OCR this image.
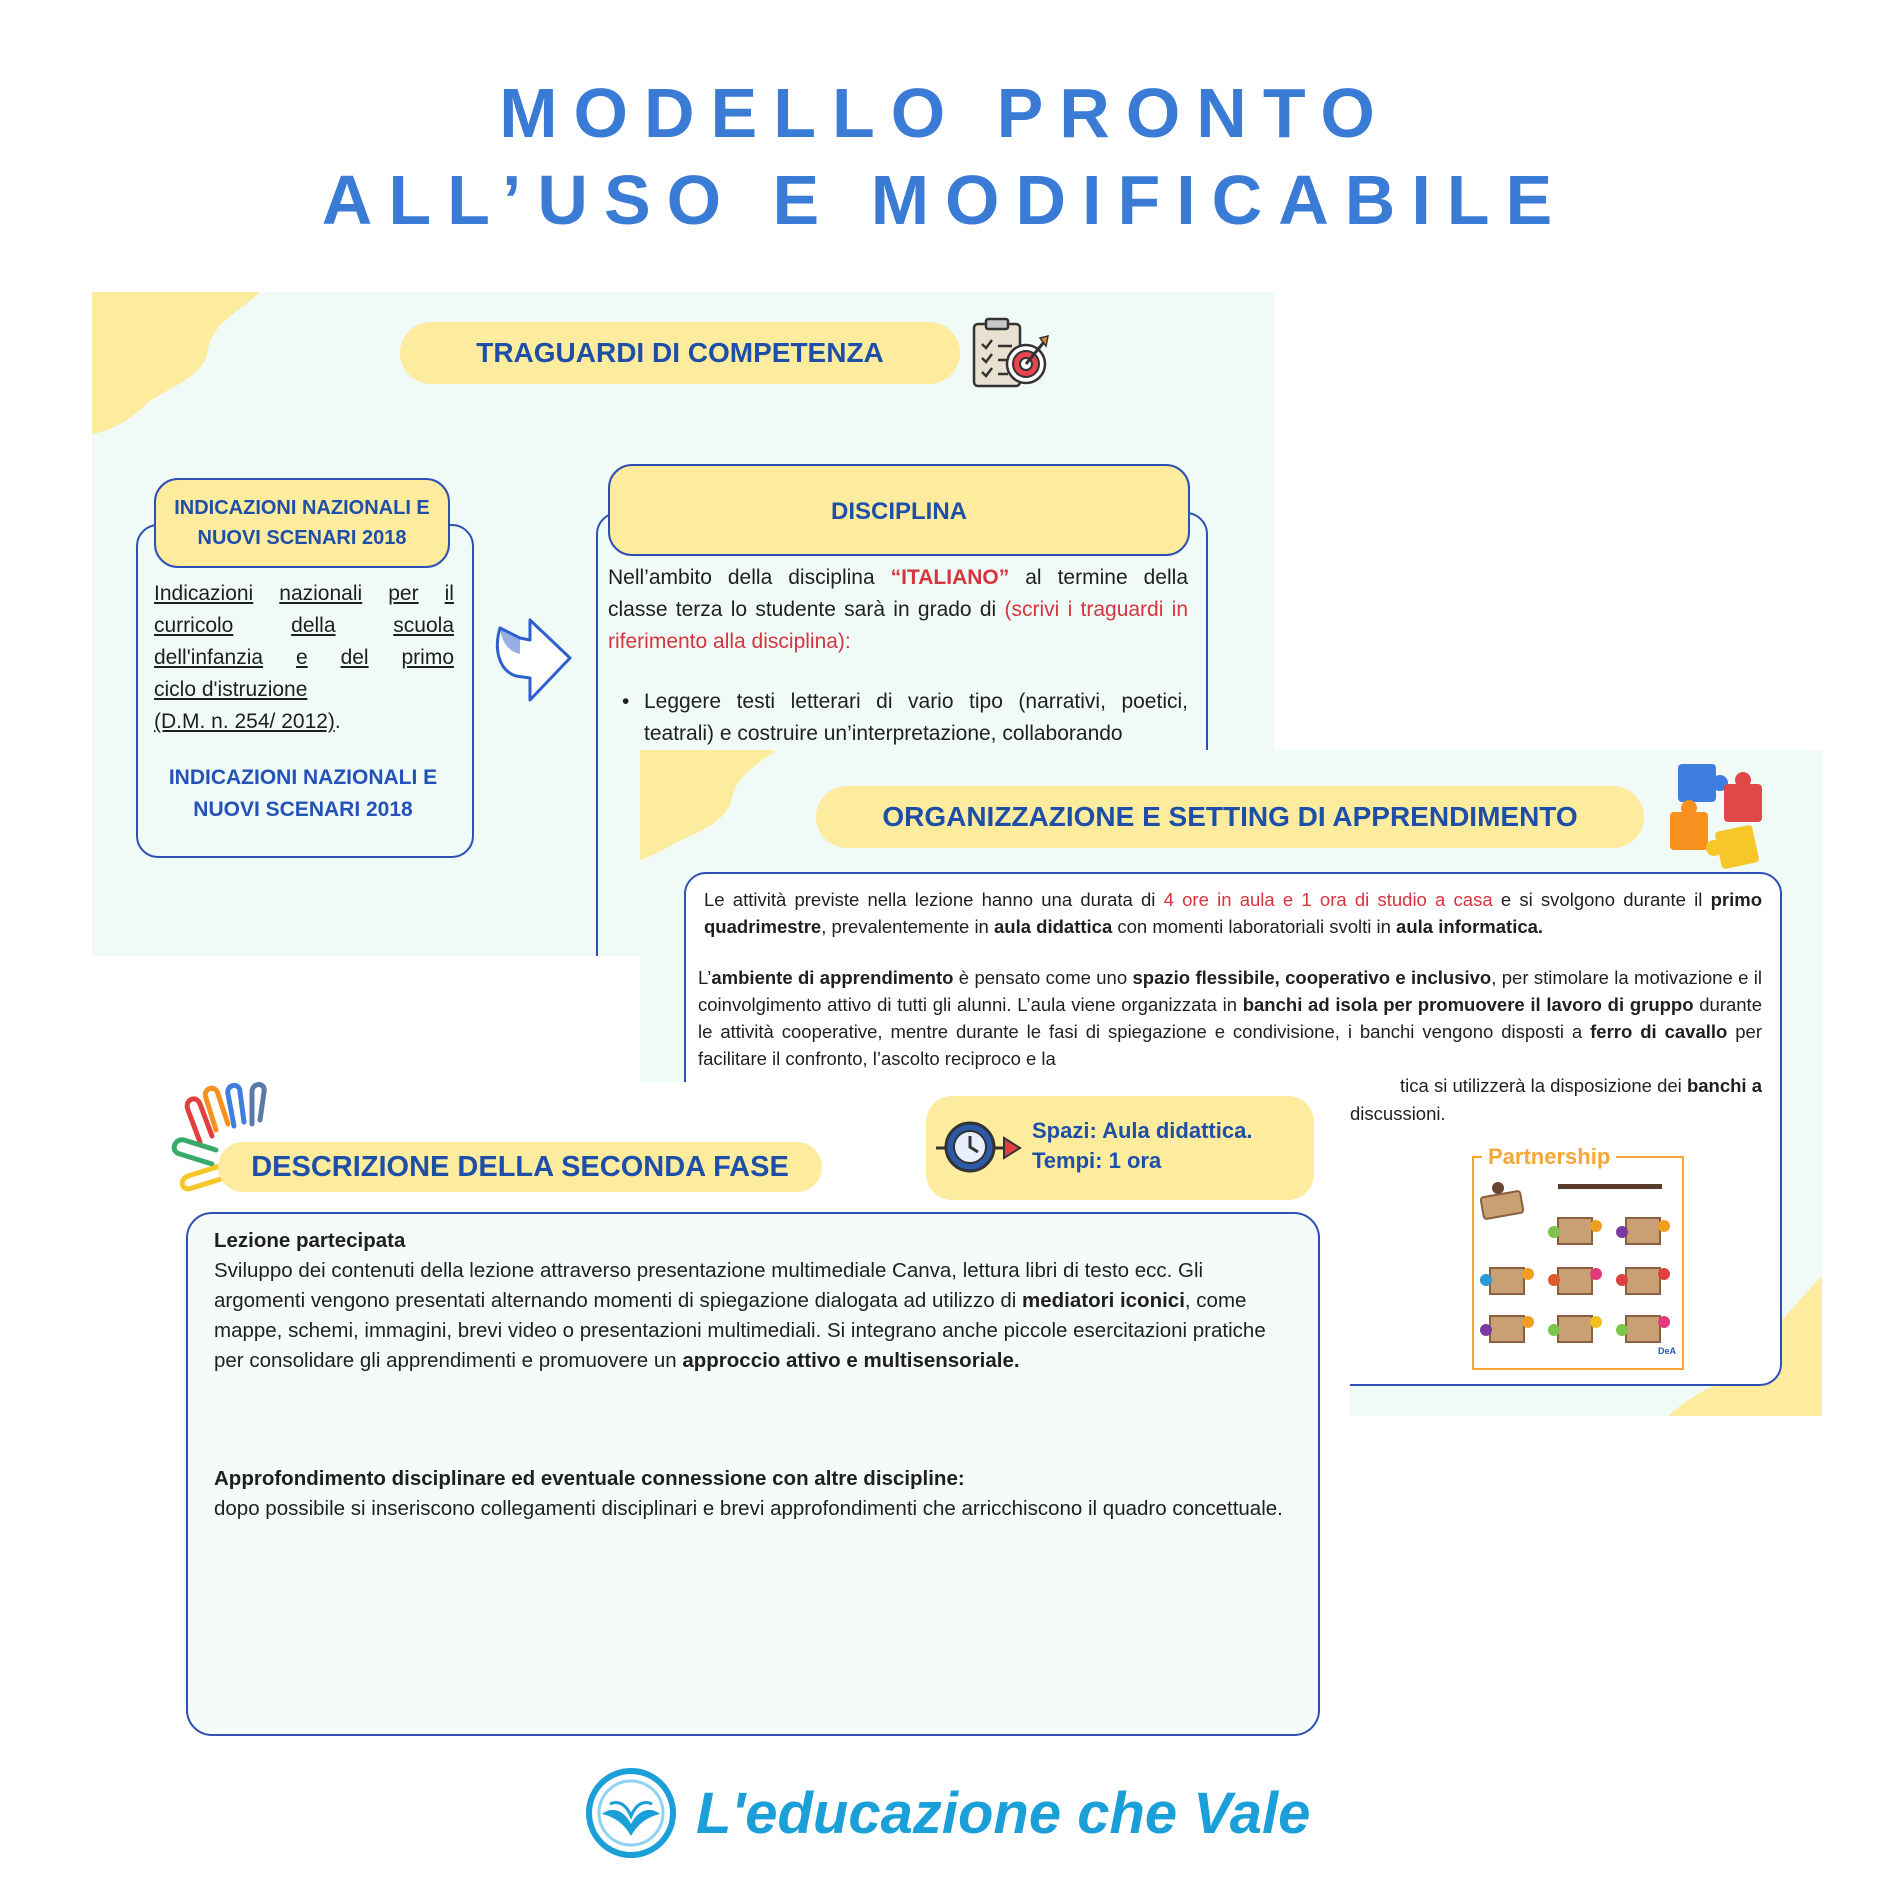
MODELLO PRONTO
ALL’USO E MODIFICABILE
TRAGUARDI DI COMPETENZA
INDICAZIONI NAZIONALI E NUOVI SCENARI 2018
Indicazioni nazionali per il
curricolo	della	scuola
dell'infanzia e del primo
ciclo d'istruzione
(D.M. n. 254/ 2012).
INDICAZIONI NAZIONALI E NUOVI SCENARI 2018
DISCIPLINA
Nell’ambito della disciplina “ITALIANO” al termine della classe terza lo studente sarà in grado di (scrivi i traguardi in riferimento alla disciplina):
• Leggere testi letterari di vario tipo (narrativi, poetici, teatrali) e costruire un’interpretazione, collaborando
ORGANIZZAZIONE E SETTING DI APPRENDIMENTO
Le attività previste nella lezione hanno una durata di 4 ore in aula e 1 ora di studio a casa e si svolgono durante il primo quadrimestre, prevalentemente in aula didattica con momenti laboratoriali svolti in aula informatica.
L’ambiente di apprendimento è pensato come uno spazio flessibile, cooperativo e inclusivo, per stimolare la motivazione e il coinvolgimento attivo di tutti gli alunni. L’aula viene organizzata in banchi ad isola per promuovere il lavoro di gruppo durante le attività cooperative, mentre durante le fasi di spiegazione e condivisione, i banchi vengono disposti a ferro di cavallo per facilitare il confronto, l’ascolto reciproco e la
tica si utilizzerà la disposizione dei banchi a
discussioni.
Partnership
DeA
DESCRIZIONE DELLA SECONDA FASE
Spazi: Aula didattica.
Tempi: 1 ora
Lezione partecipata
Sviluppo dei contenuti della lezione attraverso presentazione multimediale Canva, lettura libri di testo ecc. Gli argomenti vengono presentati alternando momenti di spiegazione dialogata ad utilizzo di mediatori iconici, come mappe, schemi, immagini, brevi video o presentazioni multimediali. Si integrano anche piccole esercitazioni pratiche per consolidare gli apprendimenti e promuovere un approccio attivo e multisensoriale.
Approfondimento disciplinare ed eventuale connessione con altre discipline:
dopo possibile si inseriscono collegamenti disciplinari e brevi approfondimenti che arricchiscono il quadro concettuale.
L'educazione che Vale
